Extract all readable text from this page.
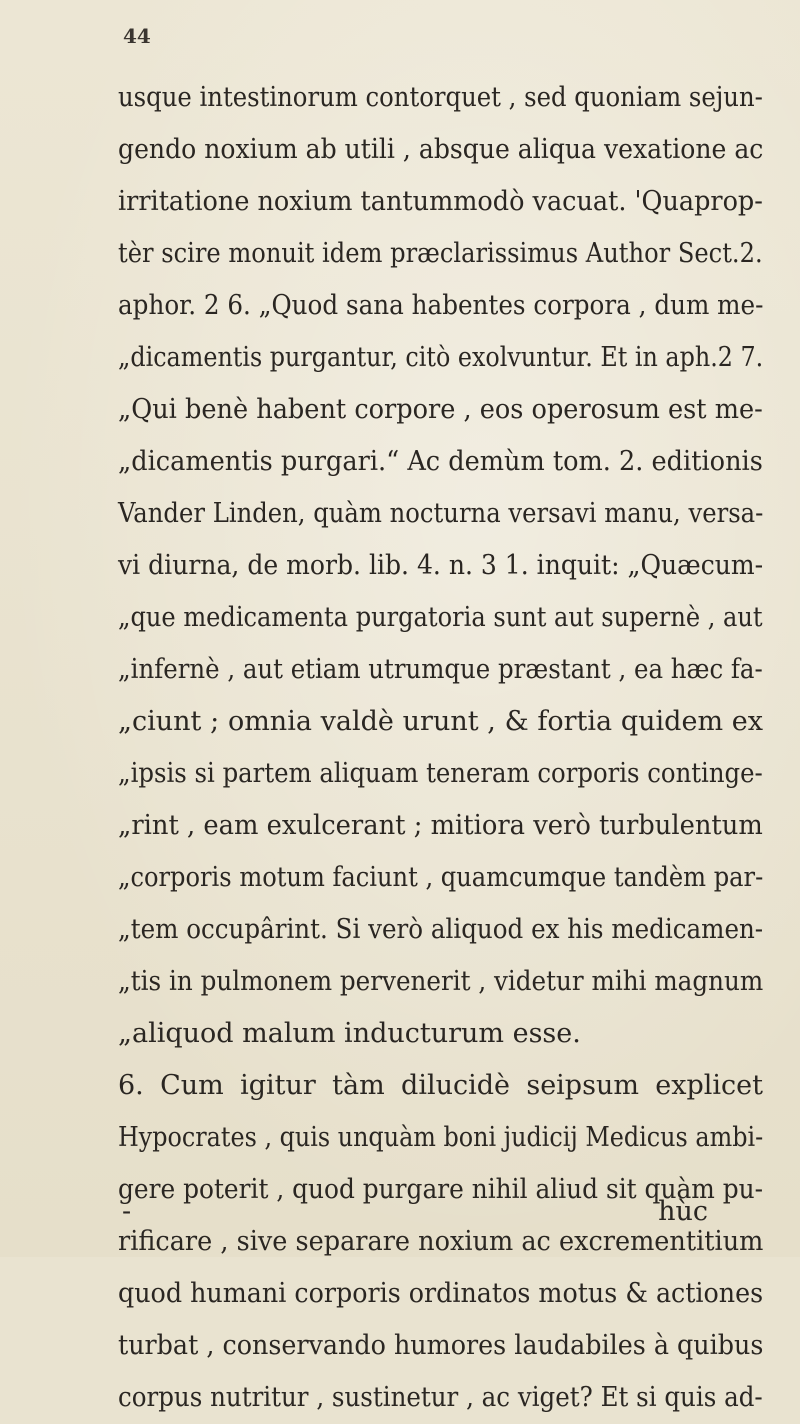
44
usque intestinorum contorquet , sed quoniam sejun-
gendo noxium ab utili , absque aliqua vexatione ac
irritatione noxium tantummodò vacuat. 'Quaprop-
tèr scire monuit idem præclarissimus Author Sect.2.
aphor. 2 6. „Quod sana habentes corpora , dum me-
„dicamentis purgantur, citò exolvuntur. Et in aph.2 7.
„Qui benè habent corpore , eos operosum est me-
„dicamentis purgari.“ Ac demùm tom. 2. editionis
Vander Linden, quàm nocturna versavi manu, versa-
vi diurna, de morb. lib. 4. n. 3 1. inquit: „Quæcum-
„que medicamenta purgatoria sunt aut supernè , aut
„infernè , aut etiam utrumque præstant , ea hæc fa-
„ciunt ; omnia valdè urunt , & fortia quidem ex
„ipsis si partem aliquam teneram corporis continge-
„rint , eam exulcerant ; mitiora verò turbulentum
„corporis motum faciunt , quamcumque tandèm par-
„tem occupârint. Si verò aliquod ex his medicamen-
„tis in pulmonem pervenerit , videtur mihi magnum
„aliquod malum inducturum esse.
6. Cum igitur tàm dilucidè seipsum explicet
Hypocrates , quis unquàm boni judicij Medicus ambi-
gere poterit , quod purgare nihil aliud sit quàm pu-
rificare , sive separare noxium ac excrementitium
quod humani corporis ordinatos motus & actiones
turbat , conservando humores laudabiles à quibus
corpus nutritur , sustinetur , ac viget? Et si quis ad-
-	hùc
